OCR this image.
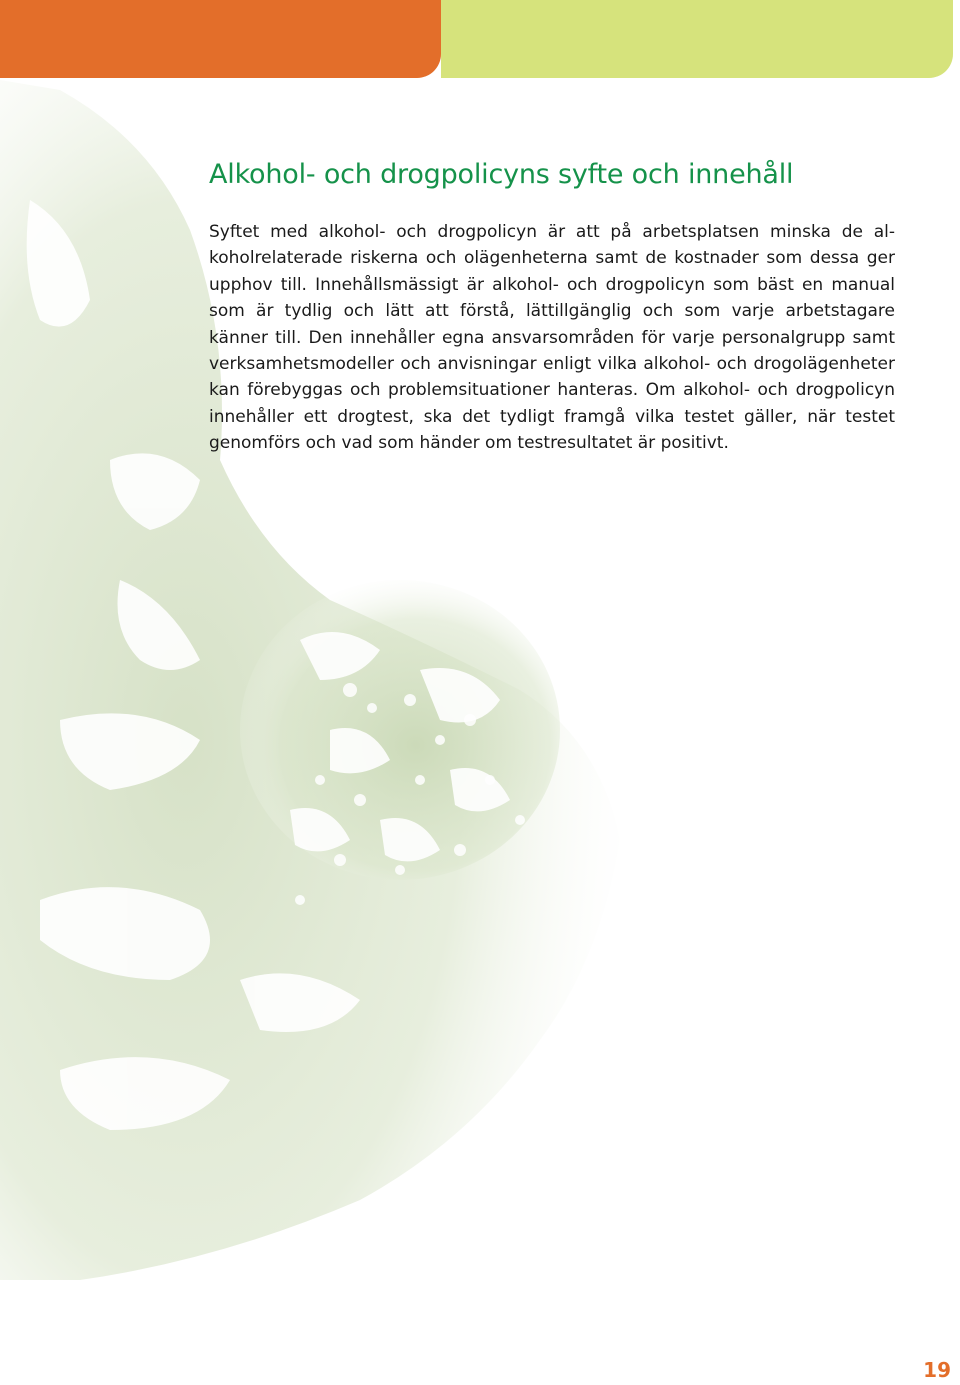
Alkohol- och drogpolicyns syfte och innehåll

Syftet med alkohol- och drogpolicyn är att på arbetsplatsen minska de alkoholrelaterade riskerna och olägenheterna samt de kostnader som dessa ger upphov till. Innehållsmässigt är alkohol- och drogpolicyn som bäst en manual som är tydlig och lätt att förstå, lättillgänglig och som varje arbetstagare känner till. Den innehåller egna ansvarsområden för varje personalgrupp samt verksamhetsmodeller och anvisningar enligt vilka alkohol- och drogolägenheter kan förebyggas och problemsituationer hanteras. Om alkohol- och drogpolicyn innehåller ett drogtest, ska det tydligt framgå vilka testet gäller, när testet genomförs och vad som händer om testresultatet är positivt.

19
